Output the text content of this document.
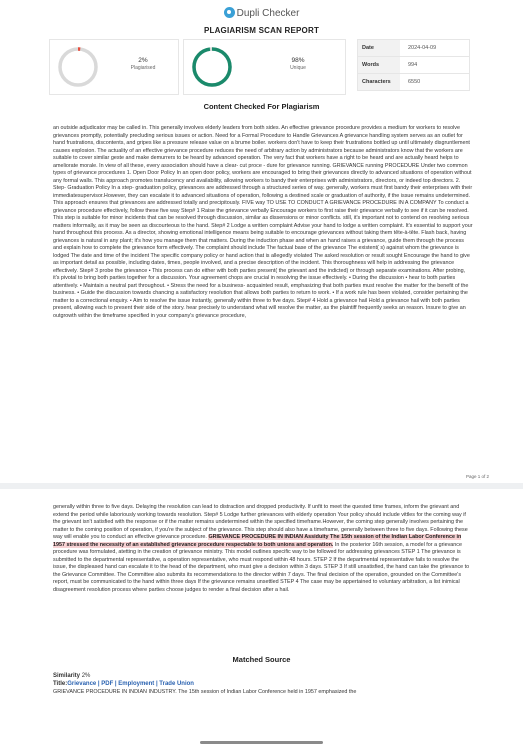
Dupli Checker
PLAGIARISM SCAN REPORT
2%
Plagiarised
98%
Unique
Date	2024-04-09
Words	994
Characters	6550
Content Checked For Plagiarism
an outside adjudicator may be called in. This generally involves elderly leaders from both sides. An effective grievance procedure provides a medium for workers to resolve grievances promptly, potentially precluding serious issues or action. Need for a Formal Procedure to Handle Grievances A grievance handling system serves as an outlet for hand frustrations, discontents, and gripes like a pressure release value on a brume boiler. workers don't have to keep their frustrations bottled up until ultimately disgruntlement causes explosion. The actuality of an effective grievance procedure reduces the need of arbitrary action by administrators because administrators know that the workers are suitable to cover similar geste and make demurrers to be heard by advanced operation. The very fact that workers have a right to be heard and are actually heard helps to ameliorate morale. In view of all these, every association should have a clear- cut proce - dure for grievance running. GRIEVANCE running PROCEDURE Under two common types of grievance procedures 1. Open Door Policy In an open door policy, workers are encouraged to bring their grievances directly to advanced situations of operation without any formal walls. This approach promotes translucency and availability, allowing workers to bandy their enterprises with administrators, directors, or indeed top directors. 2. Step- Graduation Policy In a step- graduation policy, grievances are addressed through a structured series of way. generally, workers must first bandy their enterprises with their immediatesupervisor.However, they can escalate it to advanced situations of operation, following a destined scale or graduation of authority, if the issue remains undetermined. This approach ensures that grievances are addressed totally and precipitously. FIVE way TO USE TO CONDUCT A GRIEVANCE PROCEDURE IN A COMPANY To conduct a grievance procedure effectively, follow these five way Step# 1 Raise the grievance verbally Encourage workers to first raise their grievance verbally to see if it can be resolved. This step is suitable for minor incidents that can be resolved through discussion, similar as dissensions or minor conflicts. still, it's important not to contend on resolving serious matters informally, as it may be seen as discourteous to the hand. Step# 2 Lodge a written complaint Advise your hand to lodge a written complaint. It's essential to support your hand throughout this process. As a director, showing emotional intelligence means being suitable to encourage grievances without taking them tête-à-tête. Flash back, having grievances is natural in any plant; it's how you manage them that matters. During the induction phase and when an hand raises a grievance, guide them through the process and explain how to complete the grievance form effectively. The complaint should include The factual base of the grievance The existent( s) against whom the grievance is lodged The date and time of the incident The specific company policy or hand action that is allegedly violated The asked resolution or result sought Encourage the hand to give as important detail as possible, including dates, times, people involved, and a precise description of the incident. This thoroughness will help in addressing the grievance effectively. Step# 3 probe the grievance • This process can do either with both parties present( the grievant and the indicted) or through separate examinations. After probing, it's pivotal to bring both parties together for a discussion. Your agreement chops are crucial in resolving the issue effectively. • During the discussion • hear to both parties attentively. • Maintain a neutral part throughout. • Stress the need for a business- acquainted result, emphasizing that both parties must resolve the matter for the benefit of the business. • Guide the discussion towards chancing a satisfactory resolution that allows both parties to return to work. • If a work rule has been violated, consider pertaining the matter to a correctional enquiry. • Aim to resolve the issue instantly, generally within three to five days. Step# 4 Hold a grievance hail Hold a grievance hail with both parties present, allowing each to present their side of the story. hear precisely to understand what will resolve the matter, as the plaintiff frequently seeks an reason. Insure to give an outgrowth within the timeframe specified in your company's grievance procedure,
Page 1 of 2
generally within three to five days. Delaying the resolution can lead to distraction and dropped productivity. If unfit to meet the quested time frames, inform the grievant and extend the period while laboriously working towards resolution. Step# 5 Lodge further grievances with elderly operation Your policy should include vittles for the coming way if the grievant isn't satisfied with the response or if the matter remains undetermined within the specified timeframe.However, the coming step generally involves pertaining the matter to the coming position of operation, if you're the subject of the grievance. This step should also have a timeframe, generally between three to five days. Following these way will enable you to conduct an effective grievance procedure. GRIEVANCE PROCEDURE IN INDIAN Assiduity The 15th session of the Indian Labor Conference in 1957 stressed the necessity of an established grievance procedure respectable to both unions and operation. In the posterior 16th session, a model for a grievance procedure was formulated, atetting in the creation of grievance ministry. This model outlines specific way to be followed for addressing grievances STEP 1 The grievance is submitted to the departmental representative, a operation representative, who must respond within 48 hours. STEP 2 If the departmental representative fails to resolve the issue, the displeased hand can escalate it to the head of the department, who must give a decision within 3 days. STEP 3 If still unsatisfied, the hand can take the grievance to the Grievance Committee. The Committee also submits its recommendations to the director within 7 days. The final decision of the operation, grounded on the Committee's report, must be communicated to the hand within three days If the grievance remains unsettled STEP 4 The case may be appertained to voluntary arbitration, a list inimical disagreement resolution process where parties choose judges to render a final decision after a hail.
Matched Source
Similarity 2%
Title:Grievance | PDF | Employment | Trade Union
GRIEVANCE PROCEDURE IN INDIAN INDUSTRY. The 15th session of Indian Labor Conference held in 1957 emphasized the
